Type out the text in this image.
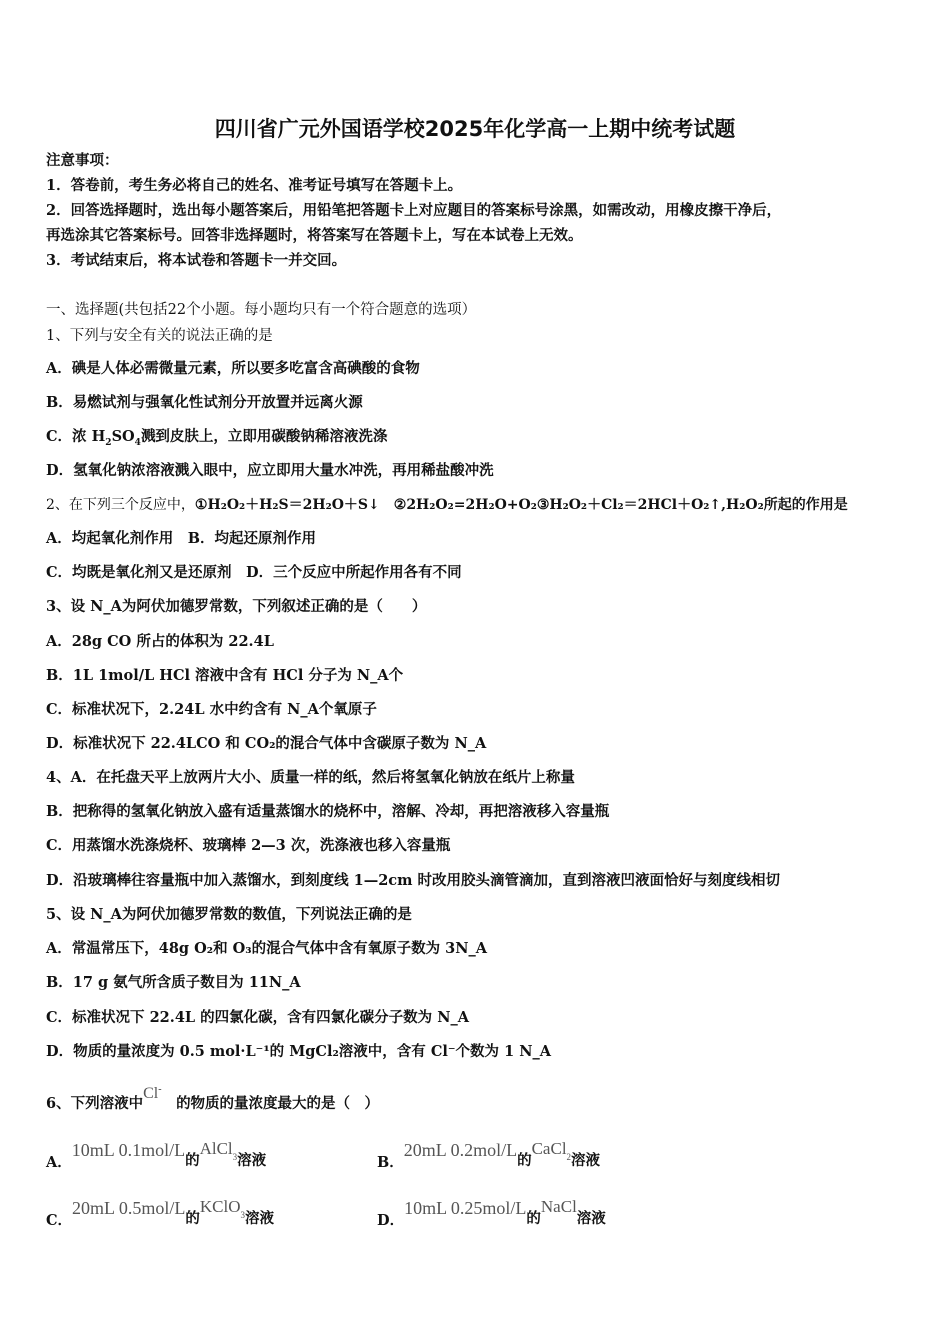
四川省广元外国语学校2025年化学高一上期中统考试题
注意事项：
1．答卷前，考生务必将自己的姓名、准考证号填写在答题卡上。
2．回答选择题时，选出每小题答案后，用铅笔把答题卡上对应题目的答案标号涂黑，如需改动，用橡皮擦干净后，
再选涂其它答案标号。回答非选择题时，将答案写在答题卡上，写在本试卷上无效。
3．考试结束后，将本试卷和答题卡一并交回。
一、选择题(共包括22个小题。每小题均只有一个符合题意的选项）
1、下列与安全有关的说法正确的是
A．碘是人体必需微量元素，所以要多吃富含高碘酸的食物
B．易燃试剂与强氧化性试剂分开放置并远离火源
C．浓 $H_2SO_4$溅到皮肤上，立即用碳酸钠稀溶液洗涤
D．氢氧化钠浓溶液溅入眼中，应立即用大量水冲洗，再用稀盐酸冲洗
2、在下列三个反应中，①H₂O₂＋H₂S＝2H₂O＋S↓　 ②2H₂O₂=2H₂O+O₂③H₂O₂＋Cl₂＝2HCl＋O₂↑,H₂O₂所起的作用是
A．均起氧化剂作用　B．均起还原剂作用
C．均既是氧化剂又是还原剂　D．三个反应中所起作用各有不同
3、设 N_A为阿伏加德罗常数，下列叙述正确的是（　　）
A．28g CO 所占的体积为 22.4L
B．1L 1mol/L HCl 溶液中含有 HCl 分子为 N_A个
C．标准状况下，2.24L 水中约含有 N_A个氧原子
D．标准状况下 22.4LCO 和 CO₂的混合气体中含碳原子数为 N_A
4、A．在托盘天平上放两片大小、质量一样的纸，然后将氢氧化钠放在纸片上称量
B．把称得的氢氧化钠放入盛有适量蒸馏水的烧杯中，溶解、冷却，再把溶液移入容量瓶
C．用蒸馏水洗涤烧杯、玻璃棒 2—3 次，洗涤液也移入容量瓶
D．沿玻璃棒往容量瓶中加入蒸馏水，到刻度线 1—2cm 时改用胶头滴管滴加，直到溶液凹液面恰好与刻度线相切
5、设 N_A为阿伏加德罗常数的数值，下列说法正确的是
A．常温常压下，48g O₂和 O₃的混合气体中含有氧原子数为 3N_A
B．17 g 氨气所含质子数目为 11N_A
C．标准状况下 22.4L 的四氯化碳，含有四氯化碳分子数为 N_A
D．物质的量浓度为 0.5 mol·L⁻¹的 MgCl₂溶液中，含有 Cl⁻个数为 1 N_A
6、下列溶液中Cl-　的物质的量浓度最大的是（　）
A．10mL 0.1mol/L的AlCl$_3$溶液	B．20mL 0.2mol/L的CaCl$_2$溶液
C．20mL 0.5mol/L的KClO$_3$溶液	D．10mL 0.25mol/L的NaCl溶液
